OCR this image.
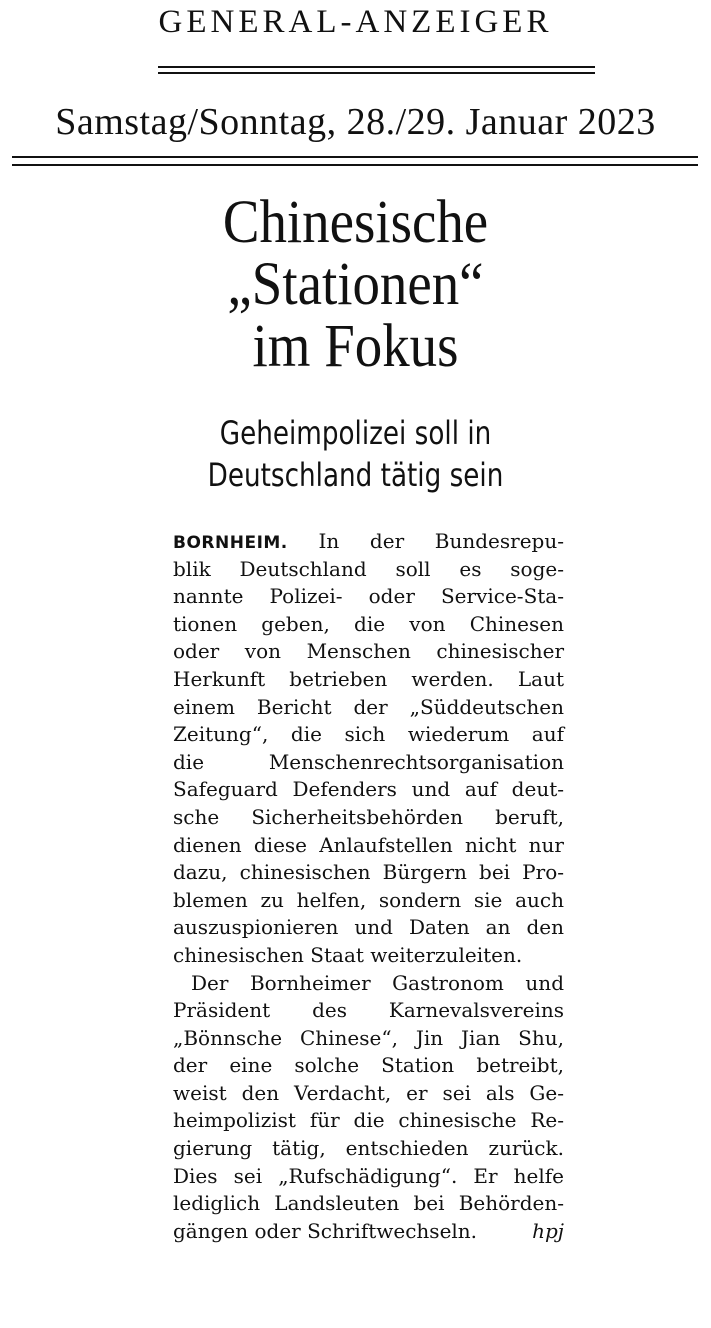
GENERAL-ANZEIGER
Samstag/Sonntag, 28./29. Januar 2023
Chinesische
„Stationen“
im Fokus
Geheimpolizei soll in
Deutschland tätig sein
BORNHEIM. In der Bundesrepu-
blik Deutschland soll es soge-
nannte Polizei- oder Service-Sta-
tionen geben, die von Chinesen
oder von Menschen chinesischer
Herkunft betrieben werden. Laut
einem Bericht der „Süddeutschen
Zeitung“, die sich wiederum auf
die Menschenrechtsorganisation
Safeguard Defenders und auf deut-
sche Sicherheitsbehörden beruft,
dienen diese Anlaufstellen nicht nur
dazu, chinesischen Bürgern bei Pro-
blemen zu helfen, sondern sie auch
auszuspionieren und Daten an den
chinesischen Staat weiterzuleiten.
Der Bornheimer Gastronom und
Präsident des Karnevalsvereins
„Bönnsche Chinese“, Jin Jian Shu,
der eine solche Station betreibt,
weist den Verdacht, er sei als Ge-
heimpolizist für die chinesische Re-
gierung tätig, entschieden zurück.
Dies sei „Rufschädigung“. Er helfe
lediglich Landsleuten bei Behörden-
gängen oder Schriftwechseln.	hpj
